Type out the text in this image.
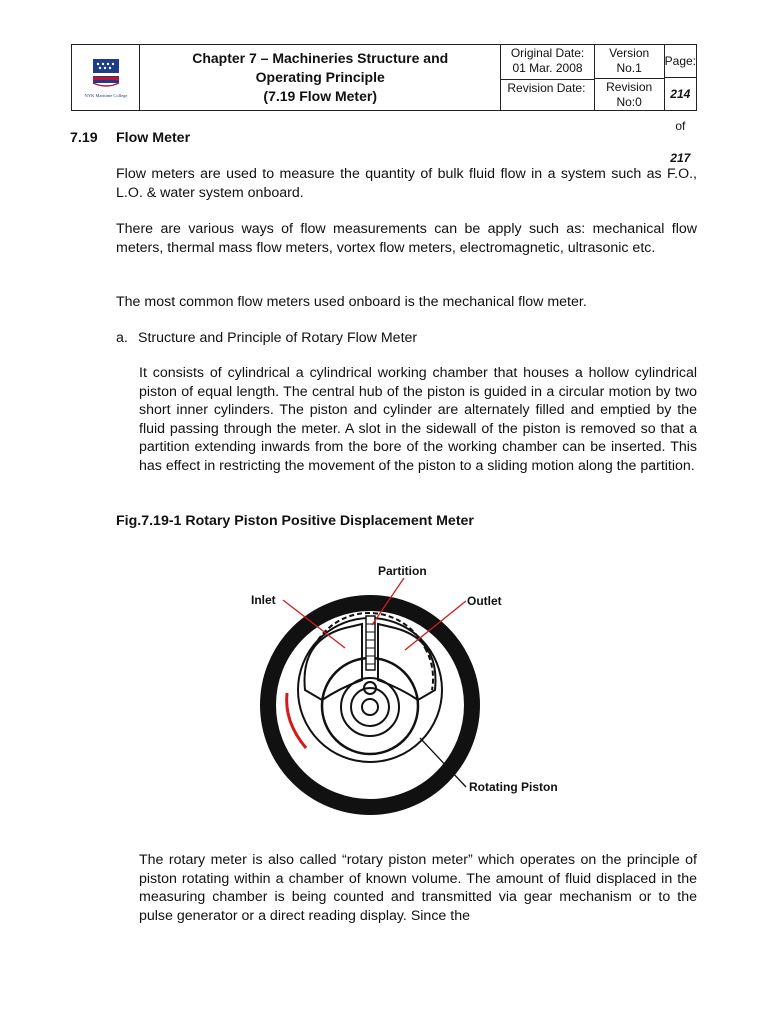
NYK Maritime College
Chapter 7 – Machineries Structure and
Operating Principle
(7.19 Flow Meter)
Original Date:
01 Mar. 2008
Revision Date:
Version
No.1
Revision
No:0
Page:
214 of 217
7.19 Flow Meter
Flow meters are used to measure the quantity of bulk fluid flow in a system such as F.O., L.O. & water system onboard.
There are various ways of flow measurements can be apply such as: mechanical flow meters, thermal mass flow meters, vortex flow meters, electromagnetic, ultrasonic etc.
The most common flow meters used onboard is the mechanical flow meter.
a. Structure and Principle of Rotary Flow Meter
It consists of cylindrical a cylindrical working chamber that houses a hollow cylindrical piston of equal length. The central hub of the piston is guided in a circular motion by two short inner cylinders. The piston and cylinder are alternately filled and emptied by the fluid passing through the meter. A slot in the sidewall of the piston is removed so that a partition extending inwards from the bore of the working chamber can be inserted. This has effect in restricting the movement of the piston to a sliding motion along the partition.
Fig.7.19-1 Rotary Piston Positive Displacement Meter
Partition
Inlet	Outlet
Rotating Piston
The rotary meter is also called “rotary piston meter” which operates on the principle of piston rotating within a chamber of known volume. The amount of fluid displaced in the measuring chamber is being counted and transmitted via gear mechanism or to the pulse generator or a direct reading display. Since the
